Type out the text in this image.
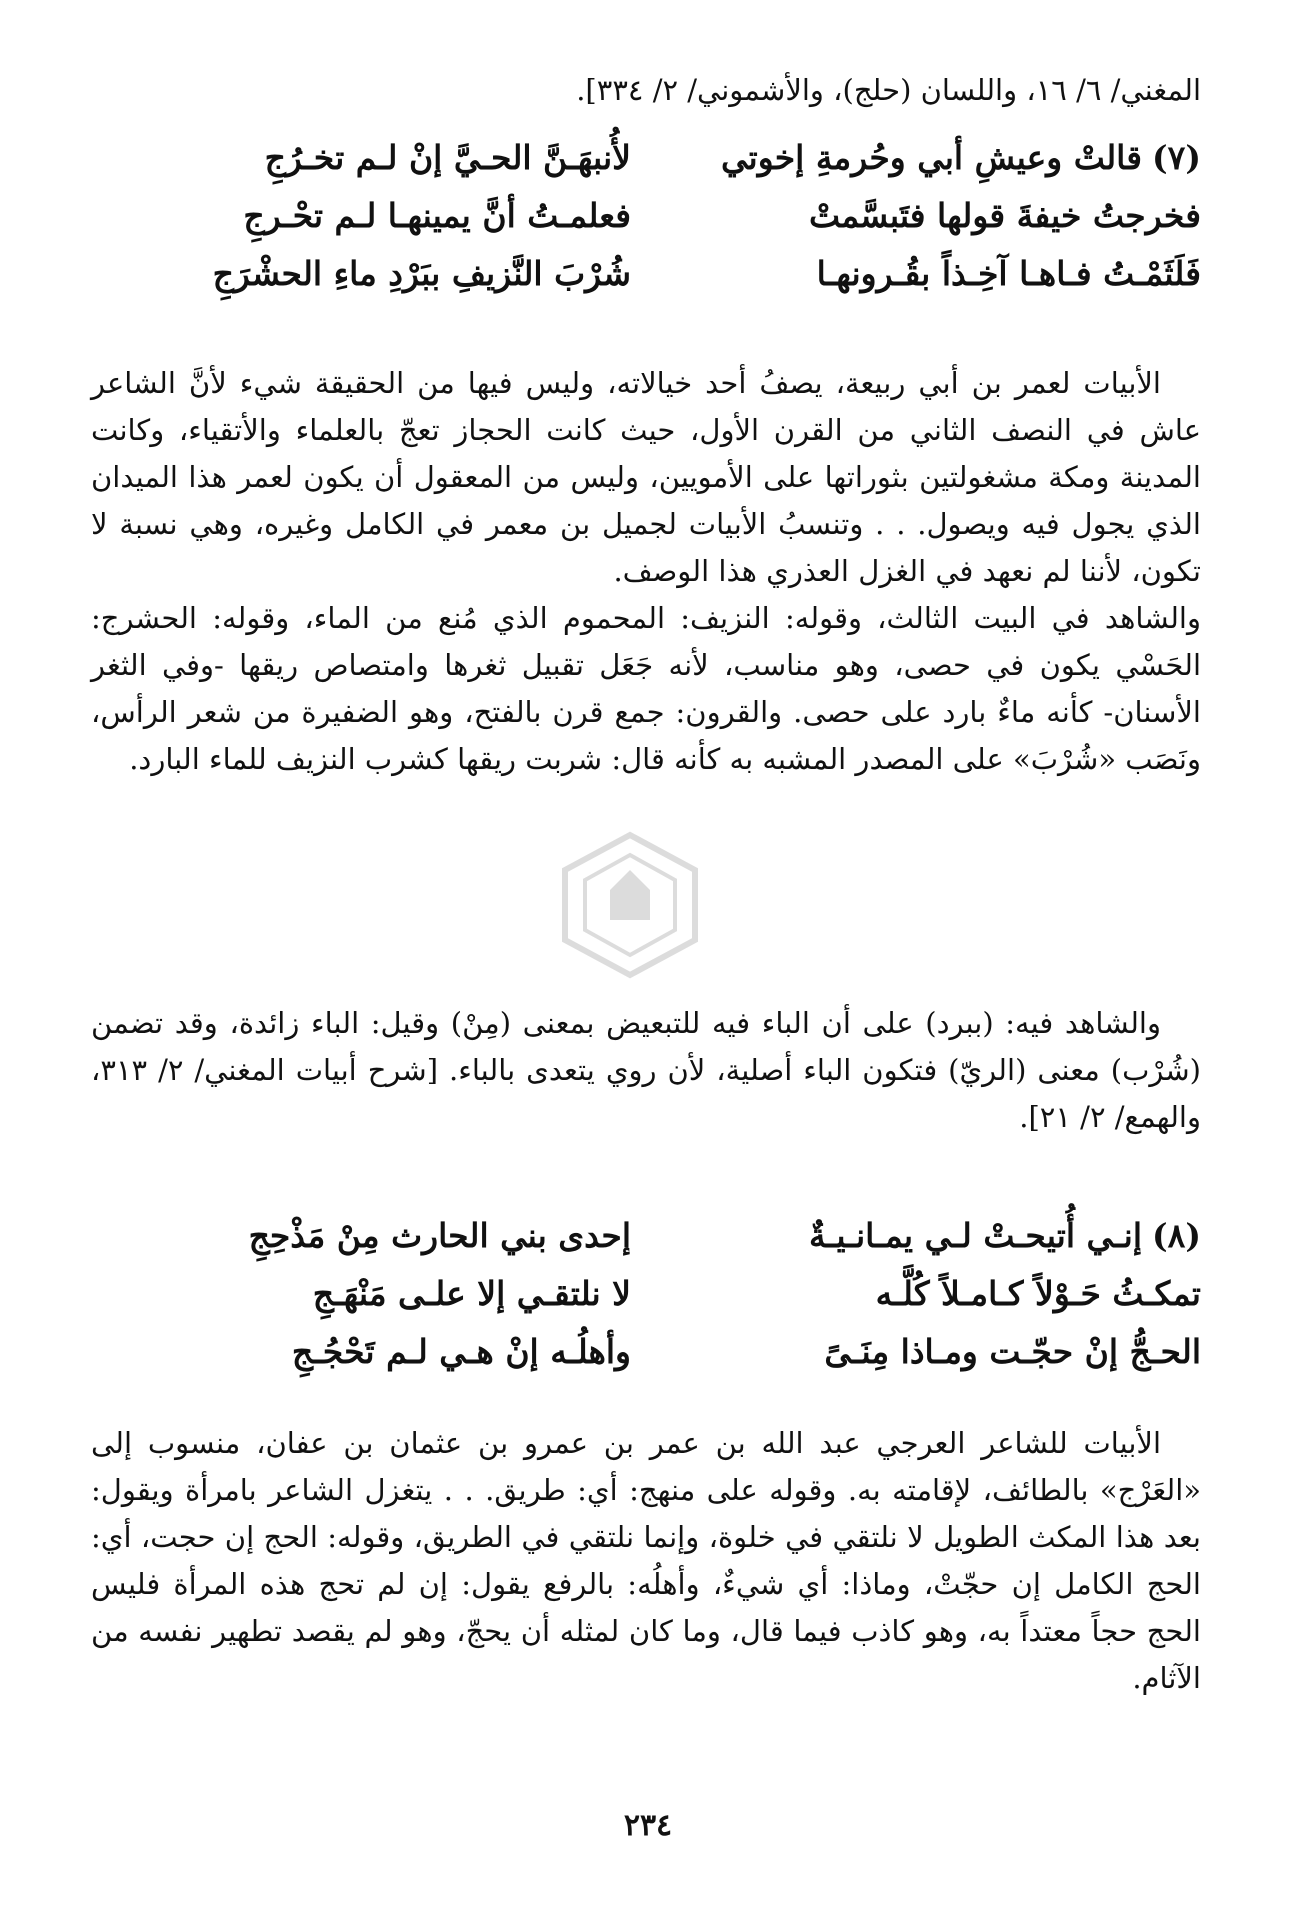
المغني/ ٦/ ١٦، واللسان (حلج)، والأشموني/ ٢/ ٣٣٤].
(٧)
قالتْ وعيشِ أبي وحُرمةِ إخوتي
لأُنبهَـنَّ الحـيَّ إنْ لـم تخـرُجِ
فخرجتُ خيفةَ قولها فتَبسَّمتْ
فعلمـتُ أنَّ يمينهـا لـم تحْـرجِ
فَلَثَمْـتُ فـاهـا آخِـذاً بقُـرونهـا
شُرْبَ النَّزيفِ ببَرْدِ ماءِ الحشْرَجِ

الأبيات لعمر بن أبي ربيعة، يصفُ أحد خيالاته، وليس فيها من الحقيقة شيء لأنَّ الشاعر عاش في النصف الثاني من القرن الأول، حيث كانت الحجاز تعجّ بالعلماء والأتقياء، وكانت المدينة ومكة مشغولتين بثوراتها على الأمويين، وليس من المعقول أن يكون لعمر هذا الميدان الذي يجول فيه ويصول. . . وتنسبُ الأبيات لجميل بن معمر في الكامل وغيره، وهي نسبة لا تكون، لأننا لم نعهد في الغزل العذري هذا الوصف.

والشاهد في البيت الثالث، وقوله: النزيف: المحموم الذي مُنع من الماء، وقوله: الحشرج: الحَسْي يكون في حصى، وهو مناسب، لأنه جَعَل تقبيل ثغرها وامتصاص ريقها -وفي الثغر الأسنان- كأنه ماءٌ بارد على حصى. والقرون: جمع قرن بالفتح، وهو الضفيرة من شعر الرأس، ونَصَب «شُرْبَ» على المصدر المشبه به كأنه قال: شربت ريقها كشرب النزيف للماء البارد.

والشاهد فيه: (ببرد) على أن الباء فيه للتبعيض بمعنى (مِنْ) وقيل: الباء زائدة، وقد تضمن (شُرْب) معنى (الريّ) فتكون الباء أصلية، لأن روي يتعدى بالباء. [شرح أبيات المغني/ ٢/ ٣١٣، والهمع/ ٢/ ٢١].

(٨)
إنـي أُتيحـتْ لـي يمـانـيـةٌ
إحدى بني الحارث مِنْ مَذْحِجِ
تمكـثُ حَـوْلاً كـامـلاً كُلَّـه
لا نلتقـي إلا علـى مَنْهَـجِ
الحـجُّ إنْ حجّـت ومـاذا مِنَـىً
وأهلُـه إنْ هـي لـم تَحْجُـجِ

الأبيات للشاعر العرجي عبد الله بن عمر بن عمرو بن عثمان بن عفان، منسوب إلى «العَرْج» بالطائف، لإقامته به. وقوله على منهج: أي: طريق. . . يتغزل الشاعر بامرأة ويقول: بعد هذا المكث الطويل لا نلتقي في خلوة، وإنما نلتقي في الطريق، وقوله: الحج إن حجت، أي: الحج الكامل إن حجّتْ، وماذا: أي شيءٌ، وأهلُه: بالرفع يقول: إن لم تحج هذه المرأة فليس الحج حجاً معتداً به، وهو كاذب فيما قال، وما كان لمثله أن يحجّ، وهو لم يقصد تطهير نفسه من الآثام.

٢٣٤
